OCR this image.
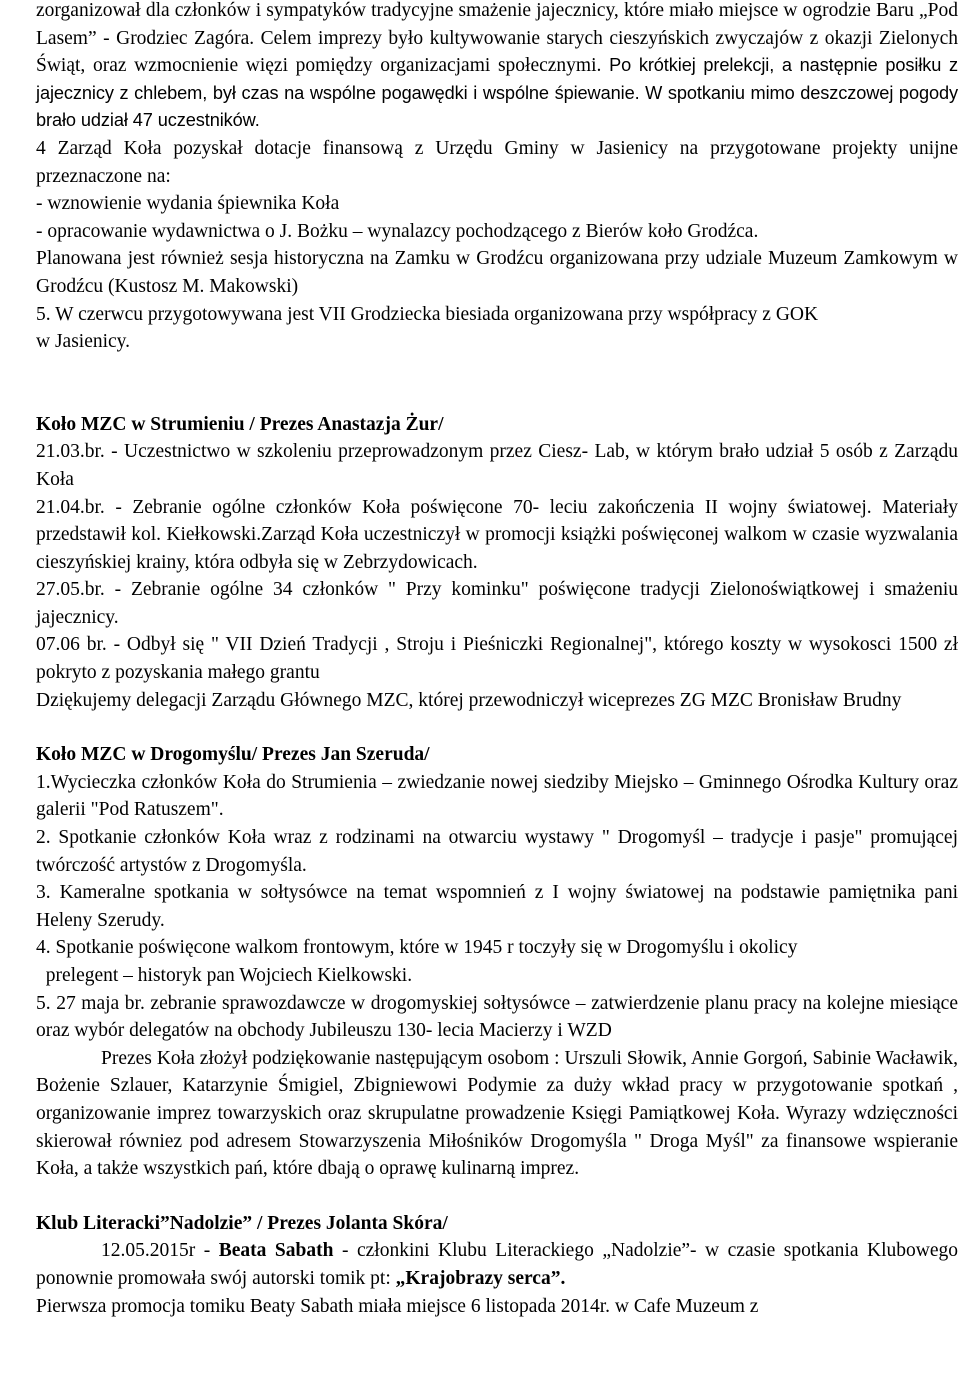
zorganizował dla członków i sympatyków tradycyjne smażenie jajecznicy, które miało miejsce w ogrodzie Baru „Pod Lasem” - Grodziec Zagóra. Celem imprezy było kultywowanie starych cieszyńskich zwyczajów z okazji Zielonych Świąt, oraz wzmocnienie więzi pomiędzy organizacjami społecznymi. Po krótkiej prelekcji, a następnie posiłku z jajecznicy z chlebem, był czas na wspólne pogawędki i wspólne śpiewanie. W spotkaniu mimo deszczowej pogody brało udział 47 uczestników.

4 Zarząd Koła pozyskał dotacje finansową z Urzędu Gminy w Jasienicy na przygotowane projekty unijne przeznaczone na:

- wznowienie wydania śpiewnika Koła

- opracowanie wydawnictwa o J. Bożku – wynalazcy pochodzącego z Bierów koło Grodźca.

Planowana jest również sesja historyczna na Zamku w Grodźcu organizowana przy udziale Muzeum Zamkowym w Grodźcu (Kustosz M. Makowski)

5. W czerwcu przygotowywana jest VII Grodziecka biesiada organizowana przy współpracy z GOK

w Jasienicy.

Koło MZC w Strumieniu / Prezes Anastazja Żur/

21.03.br. - Uczestnictwo w szkoleniu przeprowadzonym przez Ciesz- Lab, w którym brało udział 5 osób z Zarządu Koła

21.04.br. - Zebranie ogólne członków Koła poświęcone 70- leciu zakończenia II wojny światowej. Materiały przedstawił kol. Kiełkowski.Zarząd Koła uczestniczył w promocji książki poświęconej walkom w czasie wyzwalania cieszyńskiej krainy, która odbyła się w Zebrzydowicach.

27.05.br. - Zebranie ogólne 34 członków " Przy kominku" poświęcone tradycji Zielonoświątkowej i smażeniu jajecznicy.

07.06 br. - Odbył się " VII Dzień Tradycji , Stroju i Pieśniczki Regionalnej", którego koszty w wysokosci 1500 zł pokryto z pozyskania małego grantu

Dziękujemy delegacji Zarządu Głównego MZC, której przewodniczył wiceprezes ZG MZC Bronisław Brudny

Koło MZC w Drogomyślu/ Prezes Jan Szeruda/

1.Wycieczka członków Koła do Strumienia – zwiedzanie nowej siedziby Miejsko – Gminnego Ośrodka Kultury oraz galerii "Pod Ratuszem".

2. Spotkanie członków Koła wraz z rodzinami na otwarciu wystawy " Drogomyśl – tradycje i pasje" promującej twórczość artystów z Drogomyśla.

3. Kameralne spotkania w sołtysówce na temat wspomnień z I wojny światowej na podstawie pamiętnika pani Heleny Szerudy.

4. Spotkanie poświęcone walkom frontowym, które w 1945 r toczyły się w Drogomyślu i okolicy

prelegent – historyk pan Wojciech Kielkowski.

5. 27 maja br. zebranie sprawozdawcze w drogomyskiej sołtysówce – zatwierdzenie planu pracy na kolejne miesiące oraz wybór delegatów na obchody Jubileuszu 130- lecia Macierzy i WZD

Prezes Koła złożył podziękowanie następującym osobom : Urszuli Słowik, Annie Gorgoń, Sabinie Wacławik, Bożenie Szlauer, Katarzynie Śmigiel, Zbigniewowi Podymie za duży wkład pracy w przygotowanie spotkań , organizowanie imprez towarzyskich oraz skrupulatne prowadzenie Księgi Pamiątkowej Koła. Wyrazy wdzięczności skierował równiez pod adresem Stowarzyszenia Miłośników Drogomyśla " Droga Myśl" za finansowe wspieranie Koła, a także wszystkich pań, które dbają o oprawę kulinarną imprez.

Klub Literacki”Nadolzie” / Prezes Jolanta Skóra/

12.05.2015r - Beata Sabath - członkini Klubu Literackiego „Nadolzie”- w czasie spotkania Klubowego ponownie promowała swój autorski tomik pt: „Krajobrazy serca”.

Pierwsza promocja tomiku Beaty Sabath miała miejsce 6 listopada 2014r. w Cafe Muzeum z
